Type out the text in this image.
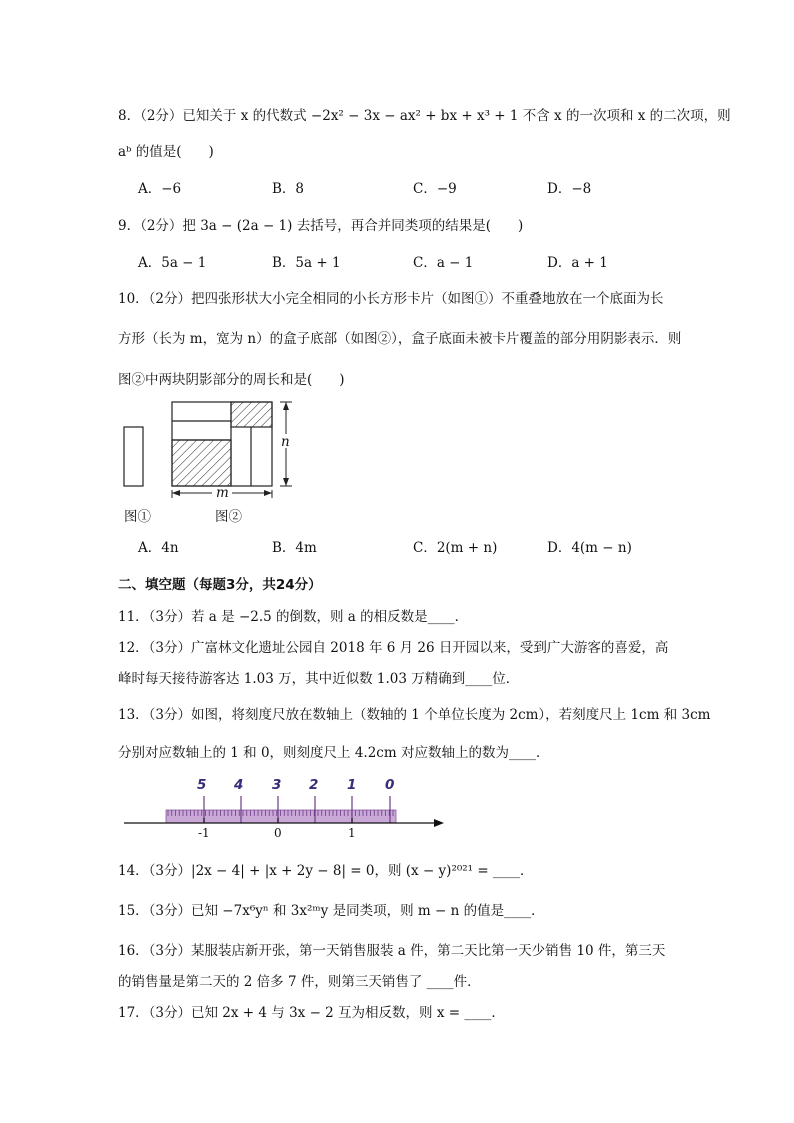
8．（2分）已知关于 x 的代数式 −2x² − 3x − ax² + bx + x³ + 1 不含 x 的一次项和 x 的二次项，则
aᵇ 的值是(　　)
A．−6	B．8	C．−9	D．−8
9．（2分）把 3a − (2a − 1) 去括号，再合并同类项的结果是(　　)
A．5a − 1	B．5a + 1	C．a − 1	D．a + 1
10．（2分）把四张形状大小完全相同的小长方形卡片（如图①）不重叠地放在一个底面为长
方形（长为 m，宽为 n）的盒子底部（如图②），盒子底面未被卡片覆盖的部分用阴影表示．则
图②中两块阴影部分的周长和是(　　)
n
m
图①	图②
A．4n	B．4m	C．2(m + n)	D．4(m − n)
二、填空题（每题3分，共24分）
11．（3分）若 a 是 −2.5 的倒数，则 a 的相反数是____．
12．（3分）广富林文化遗址公园自 2018 年 6 月 26 日开园以来，受到广大游客的喜爱，高
峰时每天接待游客达 1.03 万，其中近似数 1.03 万精确到____位．
13．（3分）如图，将刻度尺放在数轴上（数轴的 1 个单位长度为 2cm），若刻度尺上 1cm 和 3cm
分别对应数轴上的 1 和 0，则刻度尺上 4.2cm 对应数轴上的数为____．
5 4 3 2 1 0
-1	0	1
14．（3分）|2x − 4| + |x + 2y − 8| = 0，则 (x − y)²⁰²¹ = ____．
15．（3分）已知 −7x⁶yⁿ 和 3x²ᵐy 是同类项，则 m − n 的值是____．
16．（3分）某服装店新开张，第一天销售服装 a 件，第二天比第一天少销售 10 件，第三天
的销售量是第二天的 2 倍多 7 件，则第三天销售了 ____件．
17．（3分）已知 2x + 4 与 3x − 2 互为相反数，则 x = ____．
